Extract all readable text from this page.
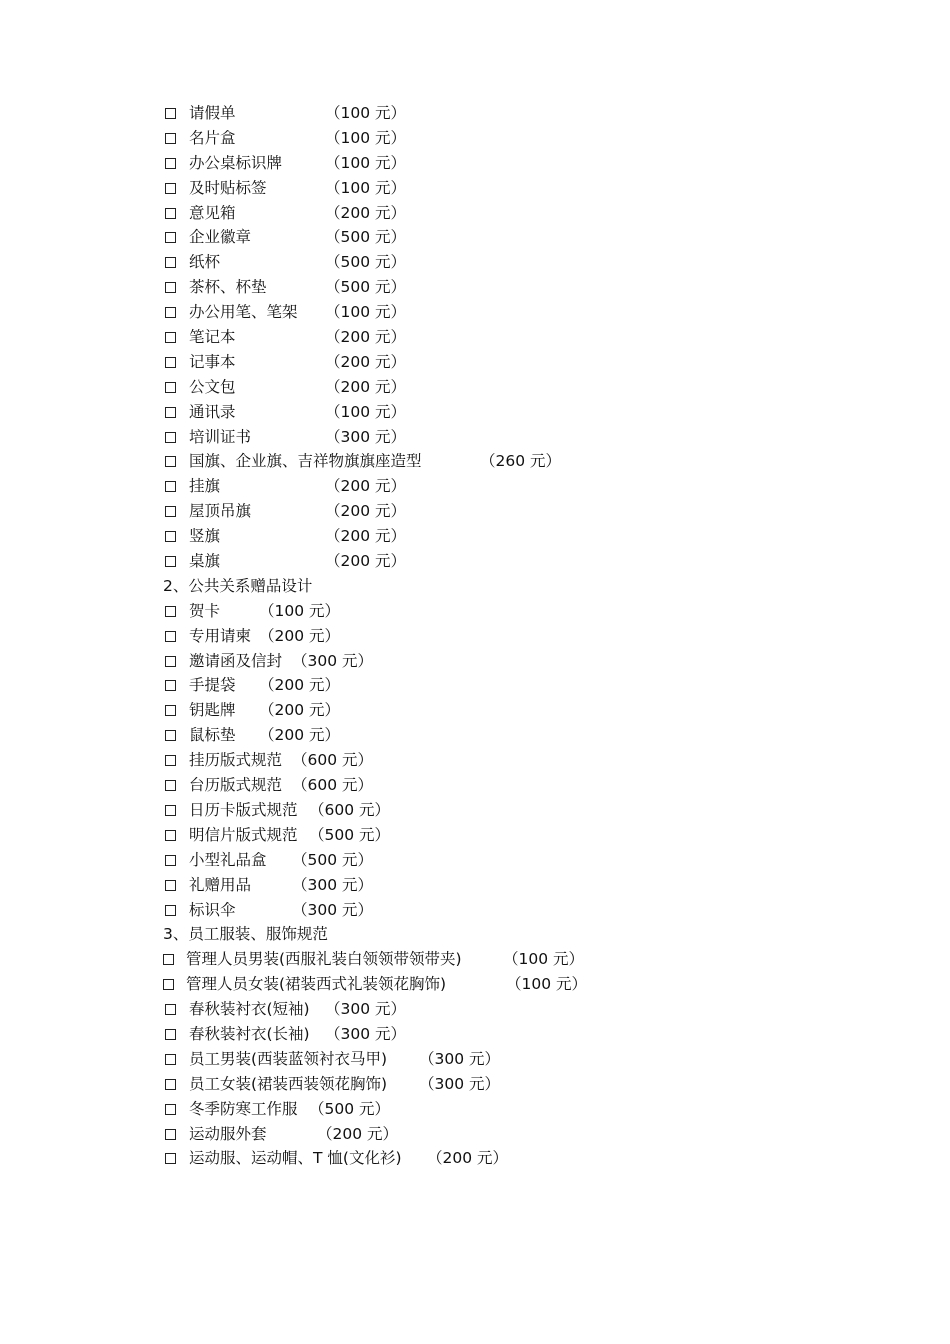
请假单	（100 元）
名片盒	（100 元）
办公桌标识牌	（100 元）
及时贴标签	（100 元）
意见箱	（200 元）
企业徽章	（500 元）
纸杯	（500 元）
茶杯、杯垫	（500 元）
办公用笔、笔架 （100 元）
笔记本	（200 元）
记事本	（200 元）
公文包	（200 元）
通讯录	（100 元）
培训证书	（300 元）
国旗、企业旗、吉祥物旗旗座造型	（260 元）
挂旗	（200 元）
屋顶吊旗	（200 元）
竖旗	（200 元）
桌旗	（200 元）
2、公共关系赠品设计
贺卡	（100 元）
专用请柬 （200 元）
邀请函及信封 （300 元）
手提袋 （200 元）
钥匙牌 （200 元）
鼠标垫 （200 元）
挂历版式规范 （600 元）
台历版式规范 （600 元）
日历卡版式规范 （600 元）
明信片版式规范 （500 元）
小型礼品盒 （500 元）
礼赠用品	（300 元）
标识伞	（300 元）
3、员工服装、服饰规范
管理人员男装(西服礼装白领领带领带夹)	（100 元）
管理人员女装(裙装西式礼装领花胸饰)	（100 元）
春秋装衬衣(短袖) （300 元）
春秋装衬衣(长袖) （300 元）
员工男装(西装蓝领衬衣马甲) （300 元）
员工女装(裙装西装领花胸饰) （300 元）
冬季防寒工作服 （500 元）
运动服外套	（200 元）
运动服、运动帽、T 恤(文化衫) （200 元）
